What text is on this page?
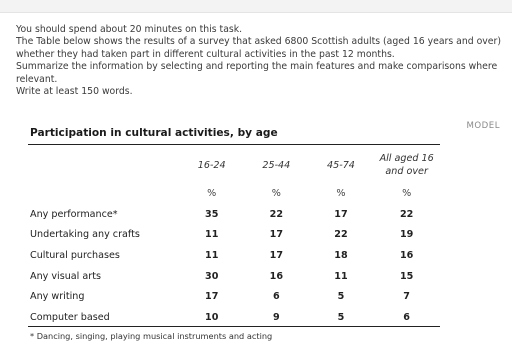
You should spend about 20 minutes on this task.

The Table below shows the results of a survey that asked 6800 Scottish adults (aged 16 years and over) whether they had taken part in different cultural activities in the past 12 months.

Summarize the information by selecting and reporting the main features and make comparisons where relevant.

Write at least 150 words.

MODEL
Participation in cultural activities, by age
	16-24	25-44	45-74	All aged 16 and over
	%	%	%	%
Any performance*	35	22	17	22
Undertaking any crafts	11	17	22	19
Cultural purchases	11	17	18	16
Any visual arts	30	16	11	15
Any writing	17	6	5	7
Computer based	10	9	5	6
* Dancing, singing, playing musical instruments and acting
